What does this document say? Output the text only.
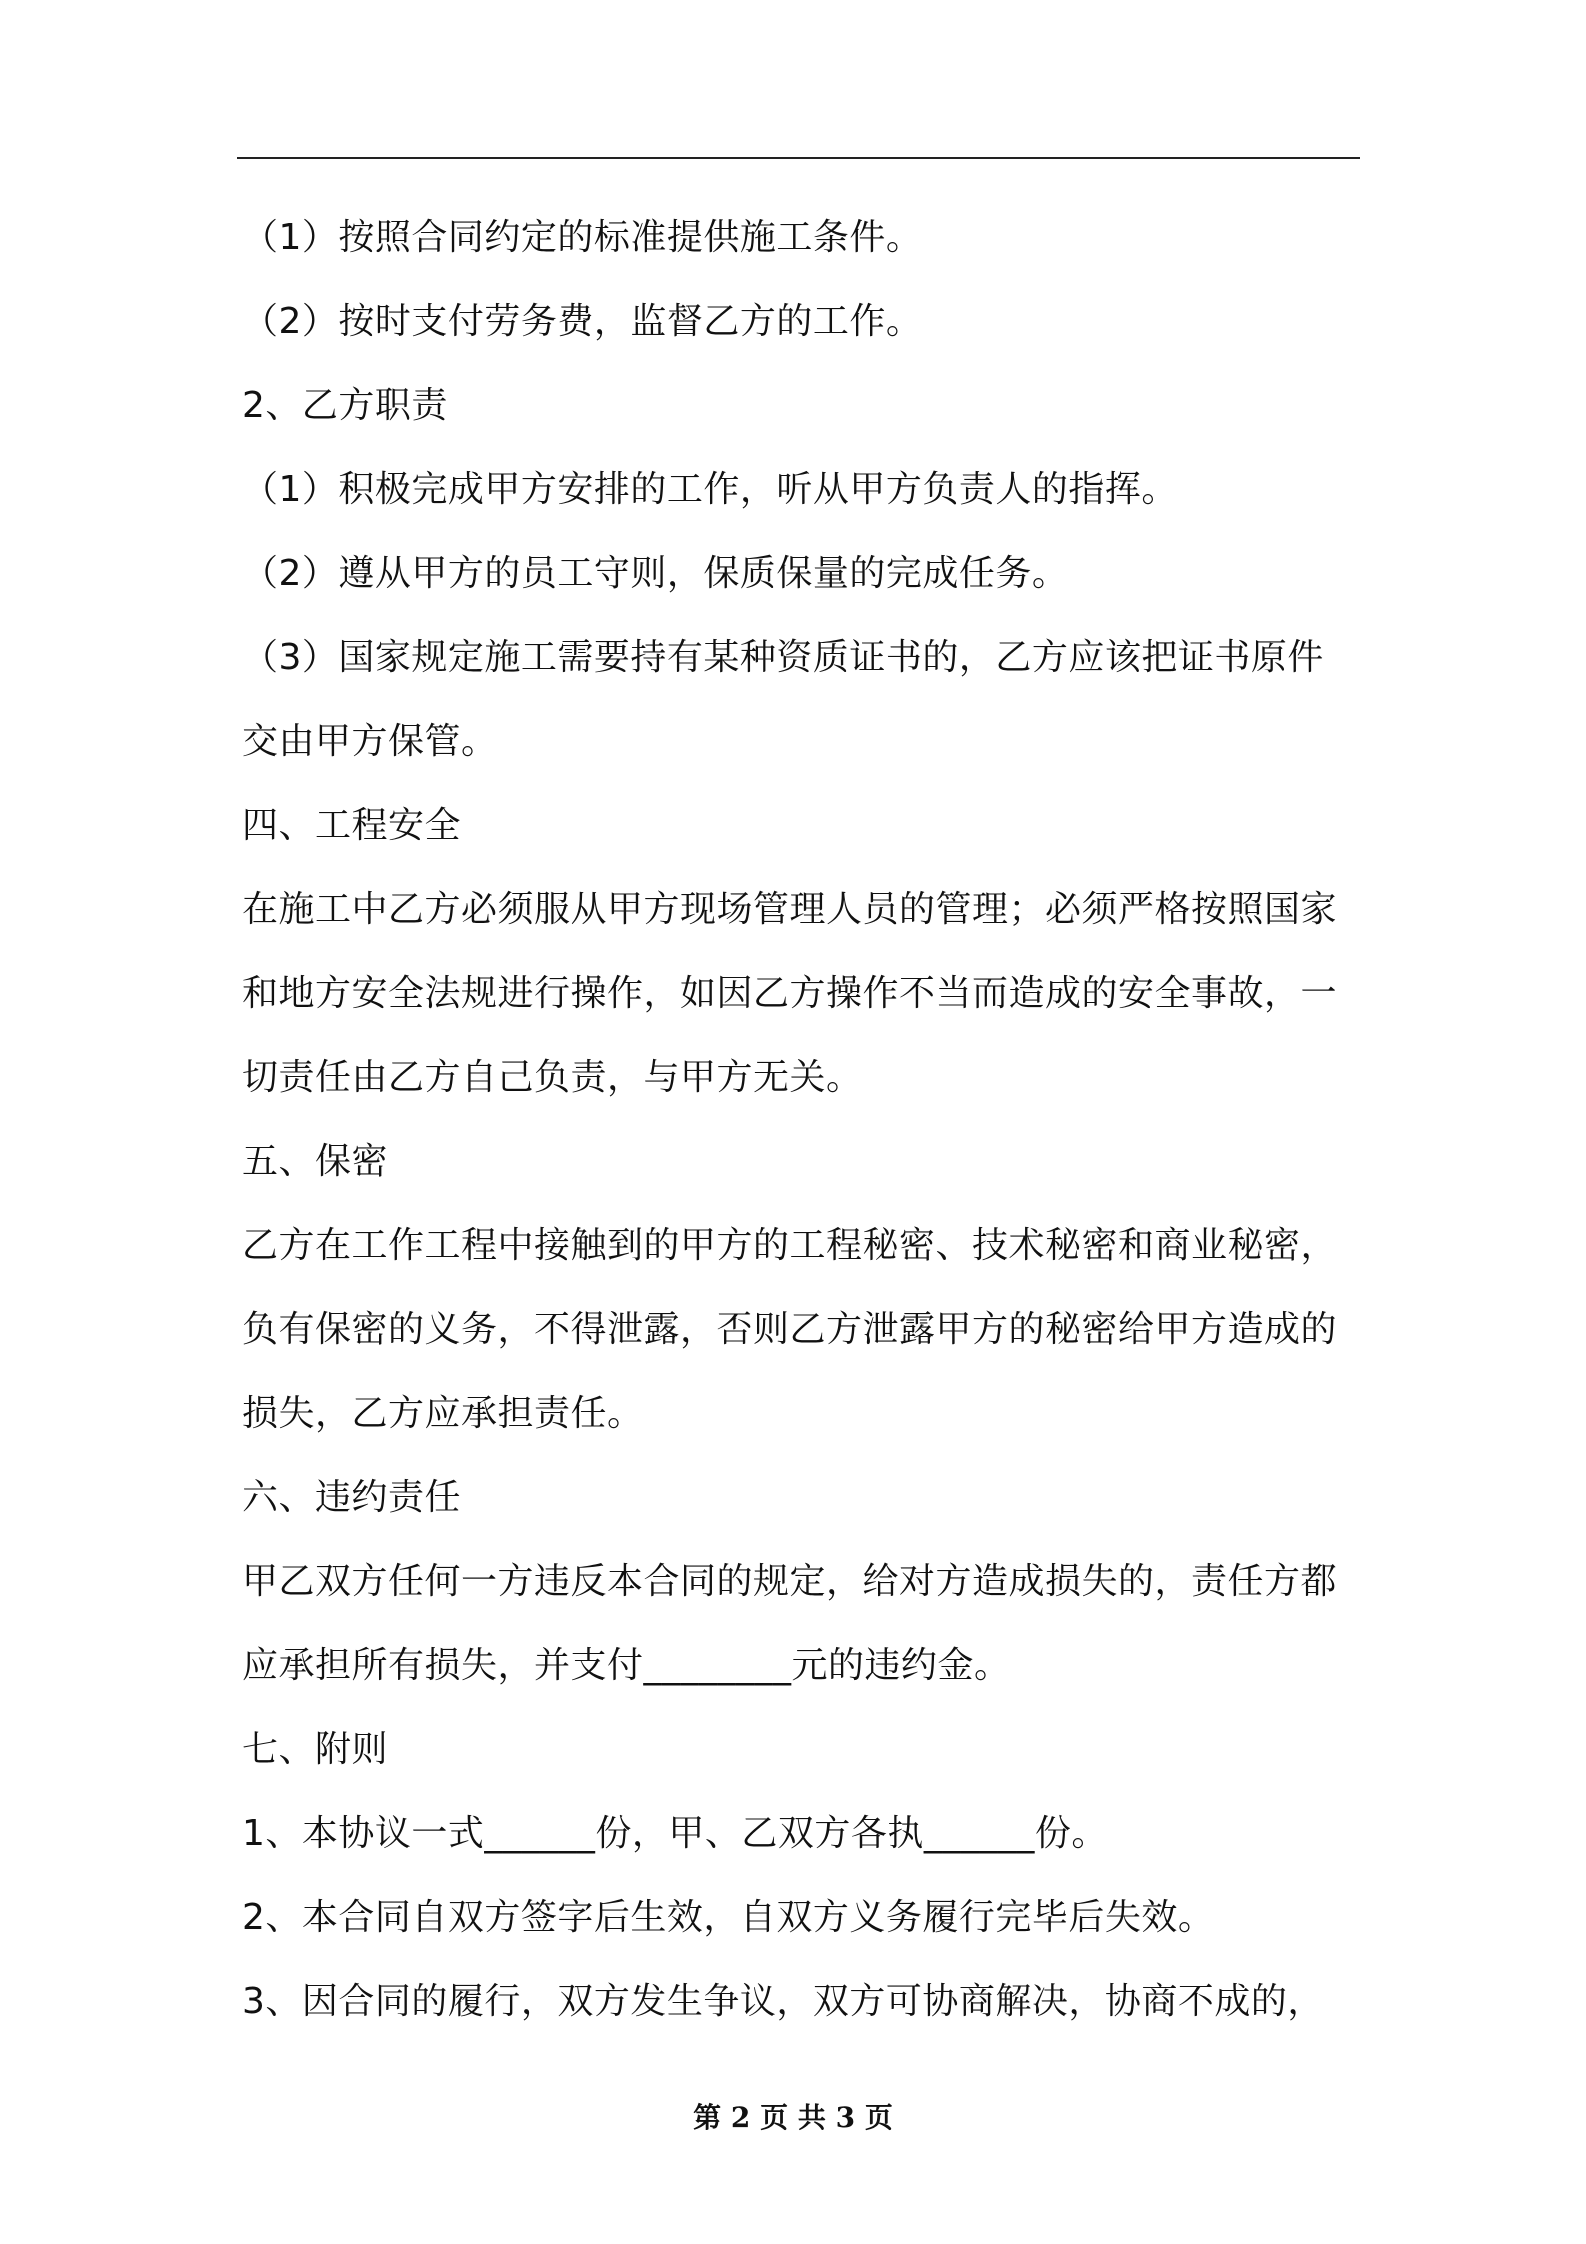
（1）按照合同约定的标准提供施工条件。
（2）按时支付劳务费，监督乙方的工作。
2、乙方职责
（1）积极完成甲方安排的工作，听从甲方负责人的指挥。
（2）遵从甲方的员工守则，保质保量的完成任务。
（3）国家规定施工需要持有某种资质证书的，乙方应该把证书原件
交由甲方保管。
四、工程安全
在施工中乙方必须服从甲方现场管理人员的管理；必须严格按照国家
和地方安全法规进行操作，如因乙方操作不当而造成的安全事故，一
切责任由乙方自己负责，与甲方无关。
五、保密
乙方在工作工程中接触到的甲方的工程秘密、技术秘密和商业秘密，
负有保密的义务，不得泄露，否则乙方泄露甲方的秘密给甲方造成的
损失，乙方应承担责任。
六、违约责任
甲乙双方任何一方违反本合同的规定，给对方造成损失的，责任方都
应承担所有损失，并支付________元的违约金。
七、附则
1、本协议一式______份，甲、乙双方各执______份。
2、本合同自双方签字后生效，自双方义务履行完毕后失效。
3、因合同的履行，双方发生争议，双方可协商解决，协商不成的，
第 2 页 共 3 页
